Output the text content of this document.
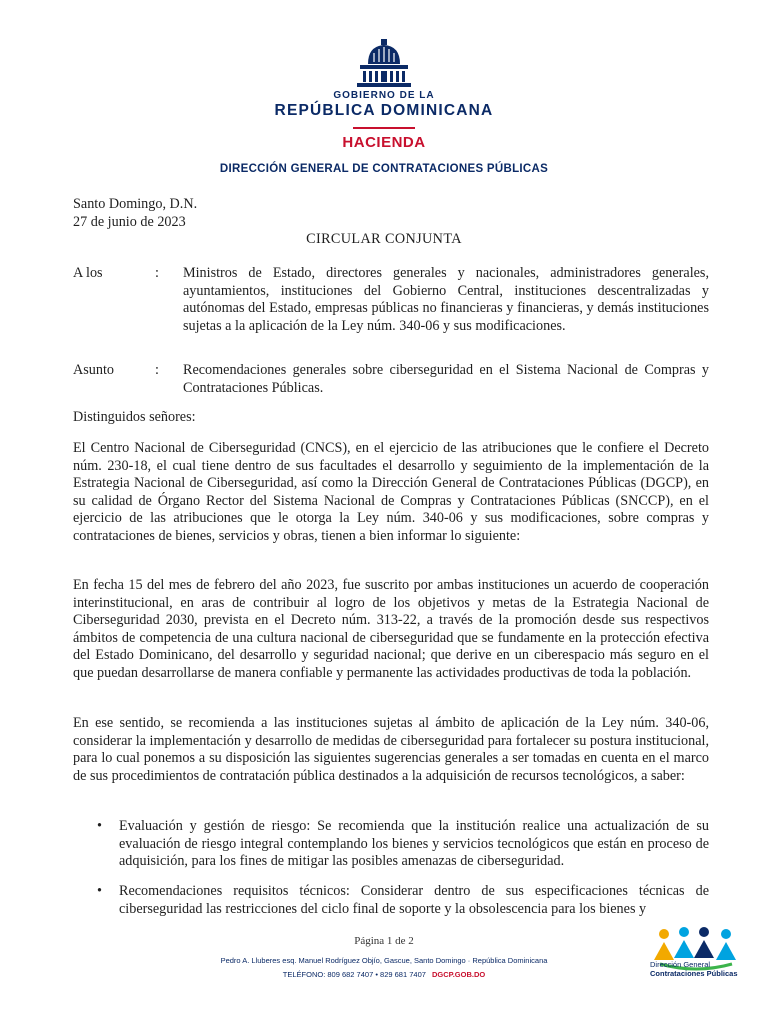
GOBIERNO DE LA
REPÚBLICA DOMINICANA
HACIENDA
DIRECCIÓN GENERAL DE CONTRATACIONES PÚBLICAS
Santo Domingo, D.N.
27 de junio de 2023
CIRCULAR CONJUNTA
A los	: Ministros de Estado, directores generales y nacionales, administradores generales, ayuntamientos, instituciones del Gobierno Central, instituciones descentralizadas y autónomas del Estado, empresas públicas no financieras y financieras, y demás instituciones sujetas a la aplicación de la Ley núm. 340-06 y sus modificaciones.
Asunto	: Recomendaciones generales sobre ciberseguridad en el Sistema Nacional de Compras y Contrataciones Públicas.
Distinguidos señores:
El Centro Nacional de Ciberseguridad (CNCS), en el ejercicio de las atribuciones que le confiere el Decreto núm. 230-18, el cual tiene dentro de sus facultades el desarrollo y seguimiento de la implementación de la Estrategia Nacional de Ciberseguridad, así como la Dirección General de Contrataciones Públicas (DGCP), en su calidad de Órgano Rector del Sistema Nacional de Compras y Contrataciones Públicas (SNCCP), en el ejercicio de las atribuciones que le otorga la Ley núm. 340-06 y sus modificaciones, sobre compras y contrataciones de bienes, servicios y obras, tienen a bien informar lo siguiente:
En fecha 15 del mes de febrero del año 2023, fue suscrito por ambas instituciones un acuerdo de cooperación interinstitucional, en aras de contribuir al logro de los objetivos y metas de la Estrategia Nacional de Ciberseguridad 2030, prevista en el Decreto núm. 313-22, a través de la promoción desde sus respectivos ámbitos de competencia de una cultura nacional de ciberseguridad que se fundamente en la protección efectiva del Estado Dominicano, del desarrollo y seguridad nacional; que derive en un ciberespacio más seguro en el que puedan desarrollarse de manera confiable y permanente las actividades productivas de toda la población.
En ese sentido, se recomienda a las instituciones sujetas al ámbito de aplicación de la Ley núm. 340-06, considerar la implementación y desarrollo de medidas de ciberseguridad para fortalecer su postura institucional, para lo cual ponemos a su disposición las siguientes sugerencias generales a ser tomadas en cuenta en el marco de sus procedimientos de contratación pública destinados a la adquisición de recursos tecnológicos, a saber:
• Evaluación y gestión de riesgo: Se recomienda que la institución realice una actualización de su evaluación de riesgo integral contemplando los bienes y servicios tecnológicos que están en proceso de adquisición, para los fines de mitigar las posibles amenazas de ciberseguridad.
• Recomendaciones requisitos técnicos: Considerar dentro de sus especificaciones técnicas de ciberseguridad las restricciones del ciclo final de soporte y la obsolescencia para los bienes y
Página 1 de 2
Pedro A. Lluberes esq. Manuel Rodríguez Objío, Gascue, Santo Domingo · República Dominicana
TELÉFONO: 809 682 7407 • 829 681 7407 DGCP.GOB.DO
Dirección General
Contrataciones Públicas
